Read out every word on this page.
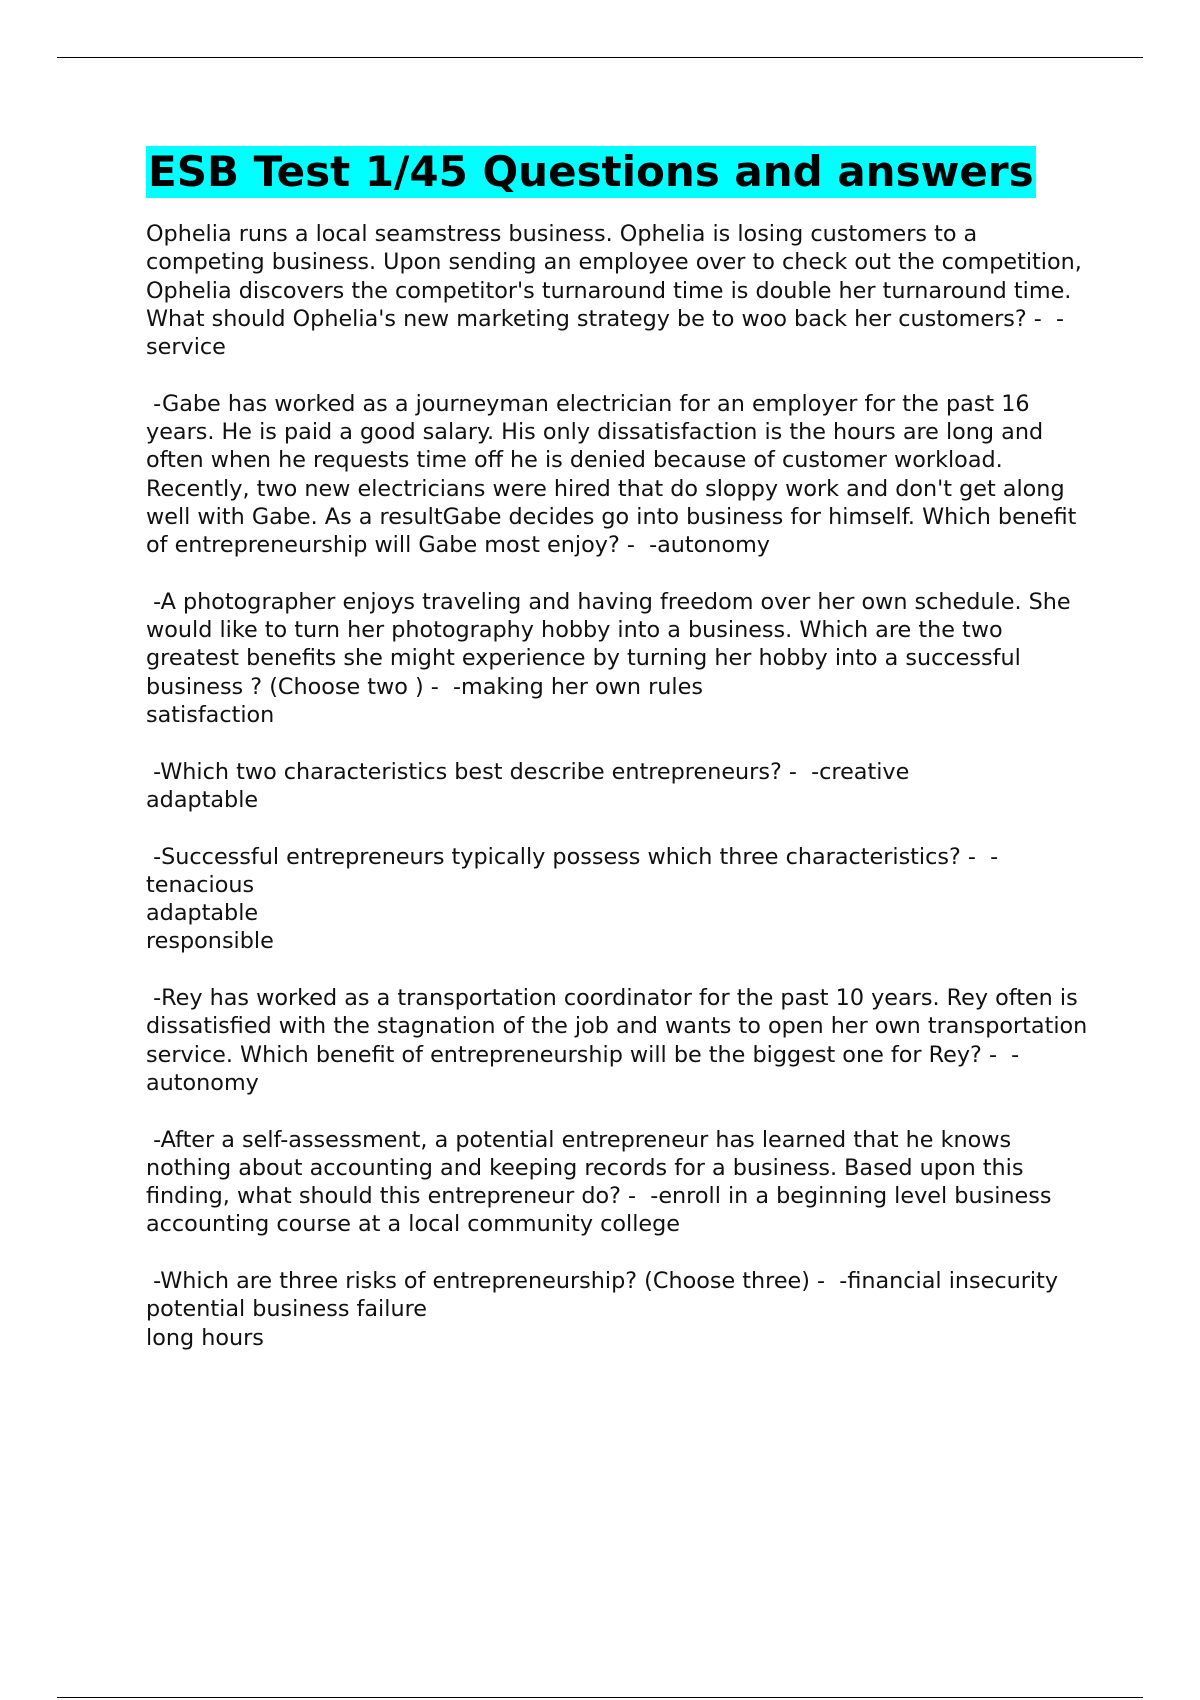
ESB Test 1/45 Questions and answers

Ophelia runs a local seamstress business. Ophelia is losing customers to a competing business. Upon sending an employee over to check out the competition, Ophelia discovers the competitor's turnaround time is double her turnaround time. What should Ophelia's new marketing strategy be to woo back her customers? -  -service

-Gabe has worked as a journeyman electrician for an employer for the past 16 years. He is paid a good salary. His only dissatisfaction is the hours are long and often when he requests time off he is denied because of customer workload. Recently, two new electricians were hired that do sloppy work and don't get along well with Gabe. As a resultGabe decides go into business for himself. Which benefit of entrepreneurship will Gabe most enjoy? -  -autonomy

-A photographer enjoys traveling and having freedom over her own schedule. She would like to turn her photography hobby into a business. Which are the two greatest benefits she might experience by turning her hobby into a successful business ? (Choose two ) -  -making her own rules
satisfaction

-Which two characteristics best describe entrepreneurs? -  -creative
adaptable

-Successful entrepreneurs typically possess which three characteristics? -  -tenacious
adaptable
responsible

-Rey has worked as a transportation coordinator for the past 10 years. Rey often is dissatisfied with the stagnation of the job and wants to open her own transportation service. Which benefit of entrepreneurship will be the biggest one for Rey? -  -autonomy

-After a self-assessment, a potential entrepreneur has learned that he knows nothing about accounting and keeping records for a business. Based upon this finding, what should this entrepreneur do? -  -enroll in a beginning level business accounting course at a local community college

-Which are three risks of entrepreneurship? (Choose three) -  -financial insecurity
potential business failure
long hours
